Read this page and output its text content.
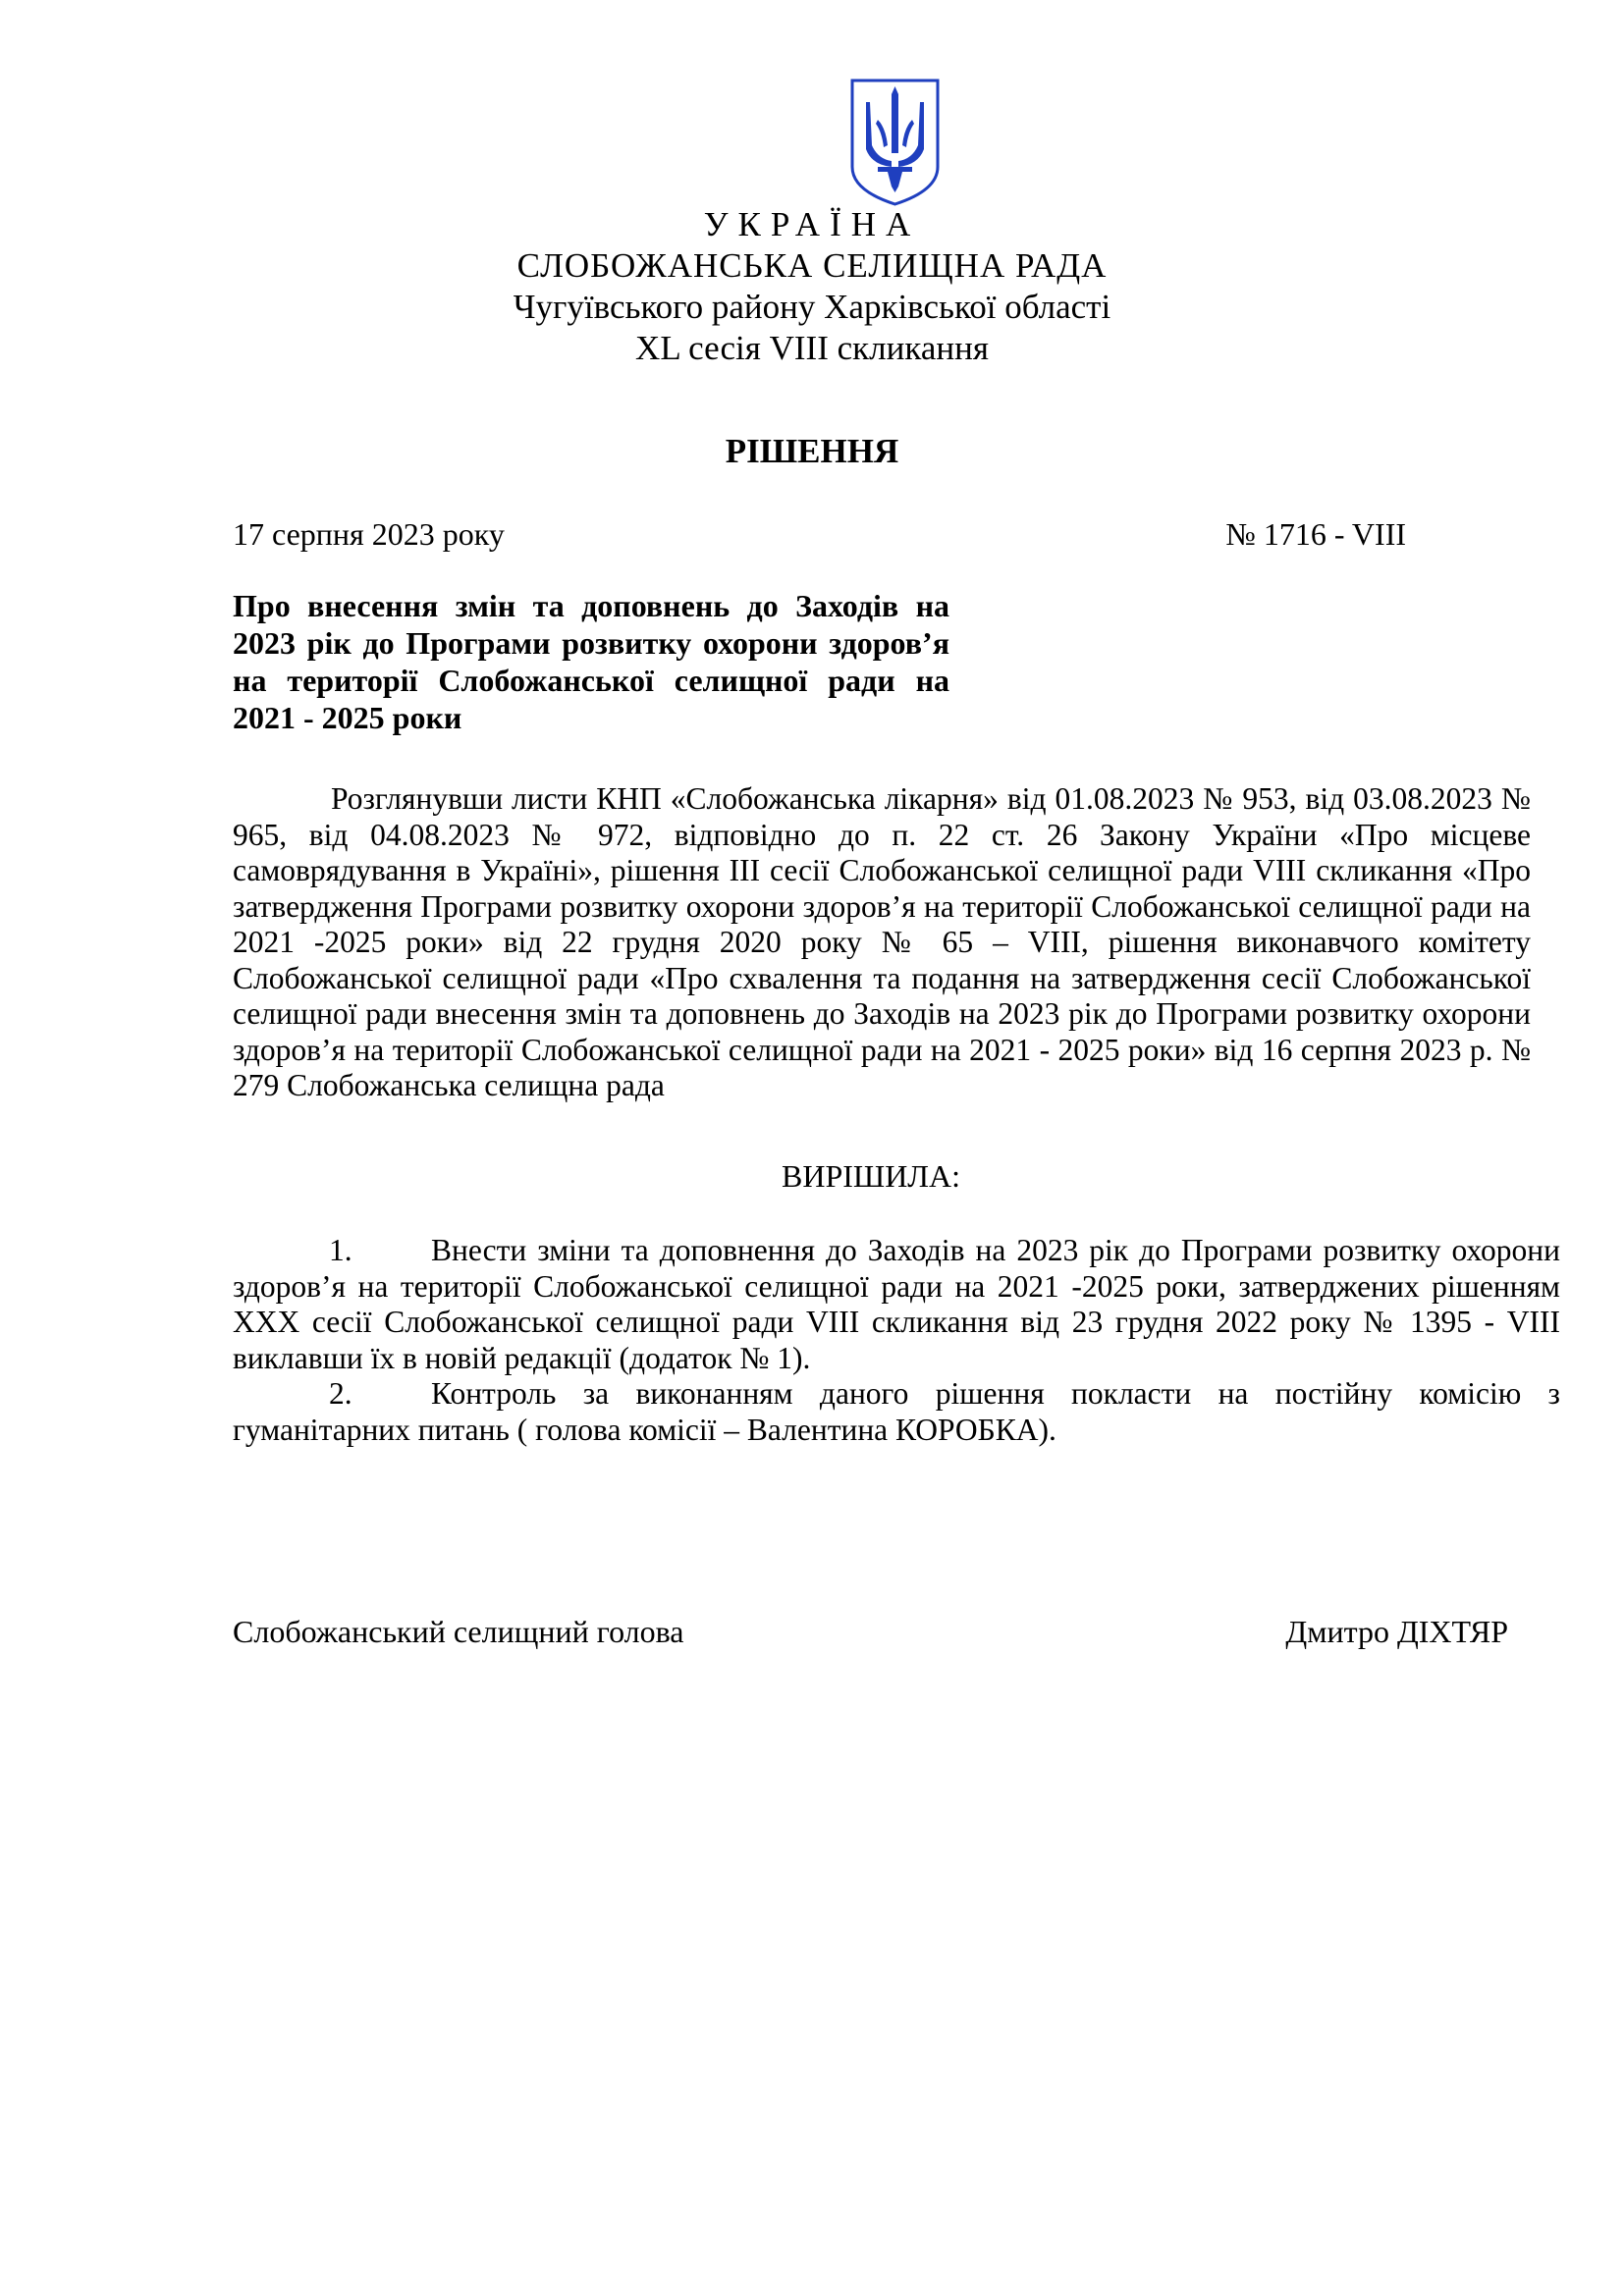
УКРАЇНА
СЛОБОЖАНСЬКА СЕЛИЩНА РАДА
Чугуївського району Харківської області
XL сесія VIII скликання
РІШЕННЯ
17 серпня 2023 року	№ 1716 - VIII
Про внесення змін та доповнень до Заходів на 2023 рік до Програми розвитку охорони здоров’я на території Слобожанської селищної ради на 2021 - 2025 роки
Розглянувши листи КНП «Слобожанська лікарня» від 01.08.2023 № 953, від 03.08.2023 № 965, від 04.08.2023 № 972, відповідно до п. 22 ст. 26 Закону України «Про місцеве самоврядування в Україні», рішення ІІІ сесії Слобожанської селищної ради VIII скликання «Про затвердження Програми розвитку охорони здоров’я на території Слобожанської селищної ради на 2021 -2025 роки» від 22 грудня 2020 року № 65 – VIII, рішення виконавчого комітету Слобожанської селищної ради «Про схвалення та подання на затвердження сесії Слобожанської селищної ради внесення змін та доповнень до Заходів на 2023 рік до Програми розвитку охорони здоров’я на території Слобожанської селищної ради на 2021 - 2025 роки» від 16 серпня 2023 р. № 279 Слобожанська селищна рада
ВИРІШИЛА:

1.	Внести зміни та доповнення до Заходів на 2023 рік до Програми розвитку охорони здоров’я на території Слобожанської селищної ради на 2021 -2025 роки, затверджених рішенням ХХХ сесії Слобожанської селищної ради VIII скликання від 23 грудня 2022 року № 1395 - VIII виклавши їх в новій редакції (додаток № 1).

2.	Контроль за виконанням даного рішення покласти на постійну комісію з гуманітарних питань ( голова комісії – Валентина КОРОБКА).

Слобожанський селищний голова	Дмитро ДІХТЯР
